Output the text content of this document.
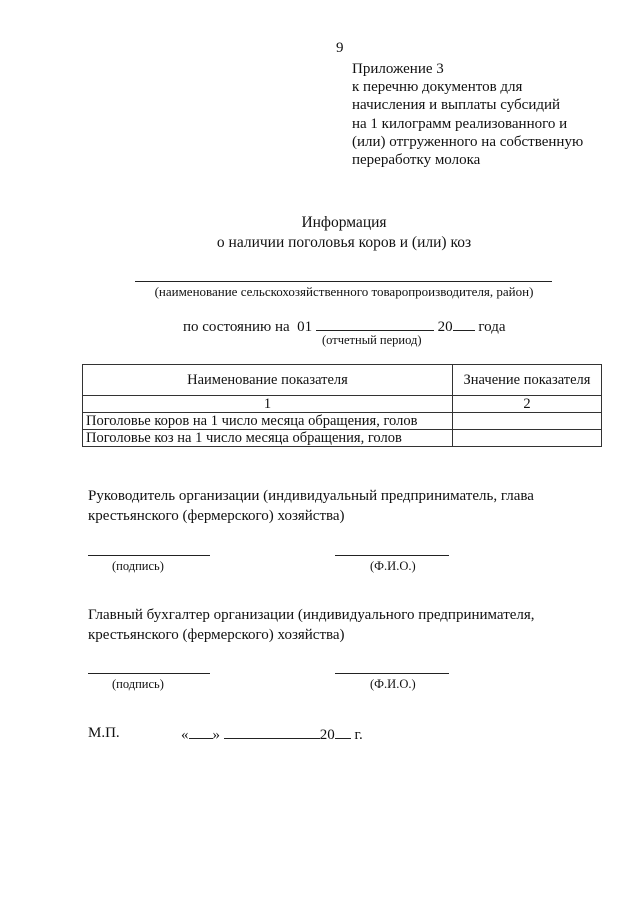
9
Приложение 3
к перечню документов для
начисления и выплаты субсидий
на 1 килограмм реализованного и
(или) отгруженного на собственную
переработку молока
Информация
о наличии поголовья коров и (или) коз
(наименование сельскохозяйственного товаропроизводителя, район)
по состоянию на 01	20 года
(отчетный период)
Наименование показателя	Значение показателя
1	2
Поголовье коров на 1 число месяца обращения, голов	
Поголовье коз на 1 число месяца обращения, голов	
Руководитель организации (индивидуальный предприниматель, глава крестьянского (фермерского) хозяйства)
(подпись)	(Ф.И.О.)
Главный бухгалтер организации (индивидуального предпринимателя, крестьянского (фермерского) хозяйства)
(подпись)	(Ф.И.О.)
М.П.	« »	20 г.
